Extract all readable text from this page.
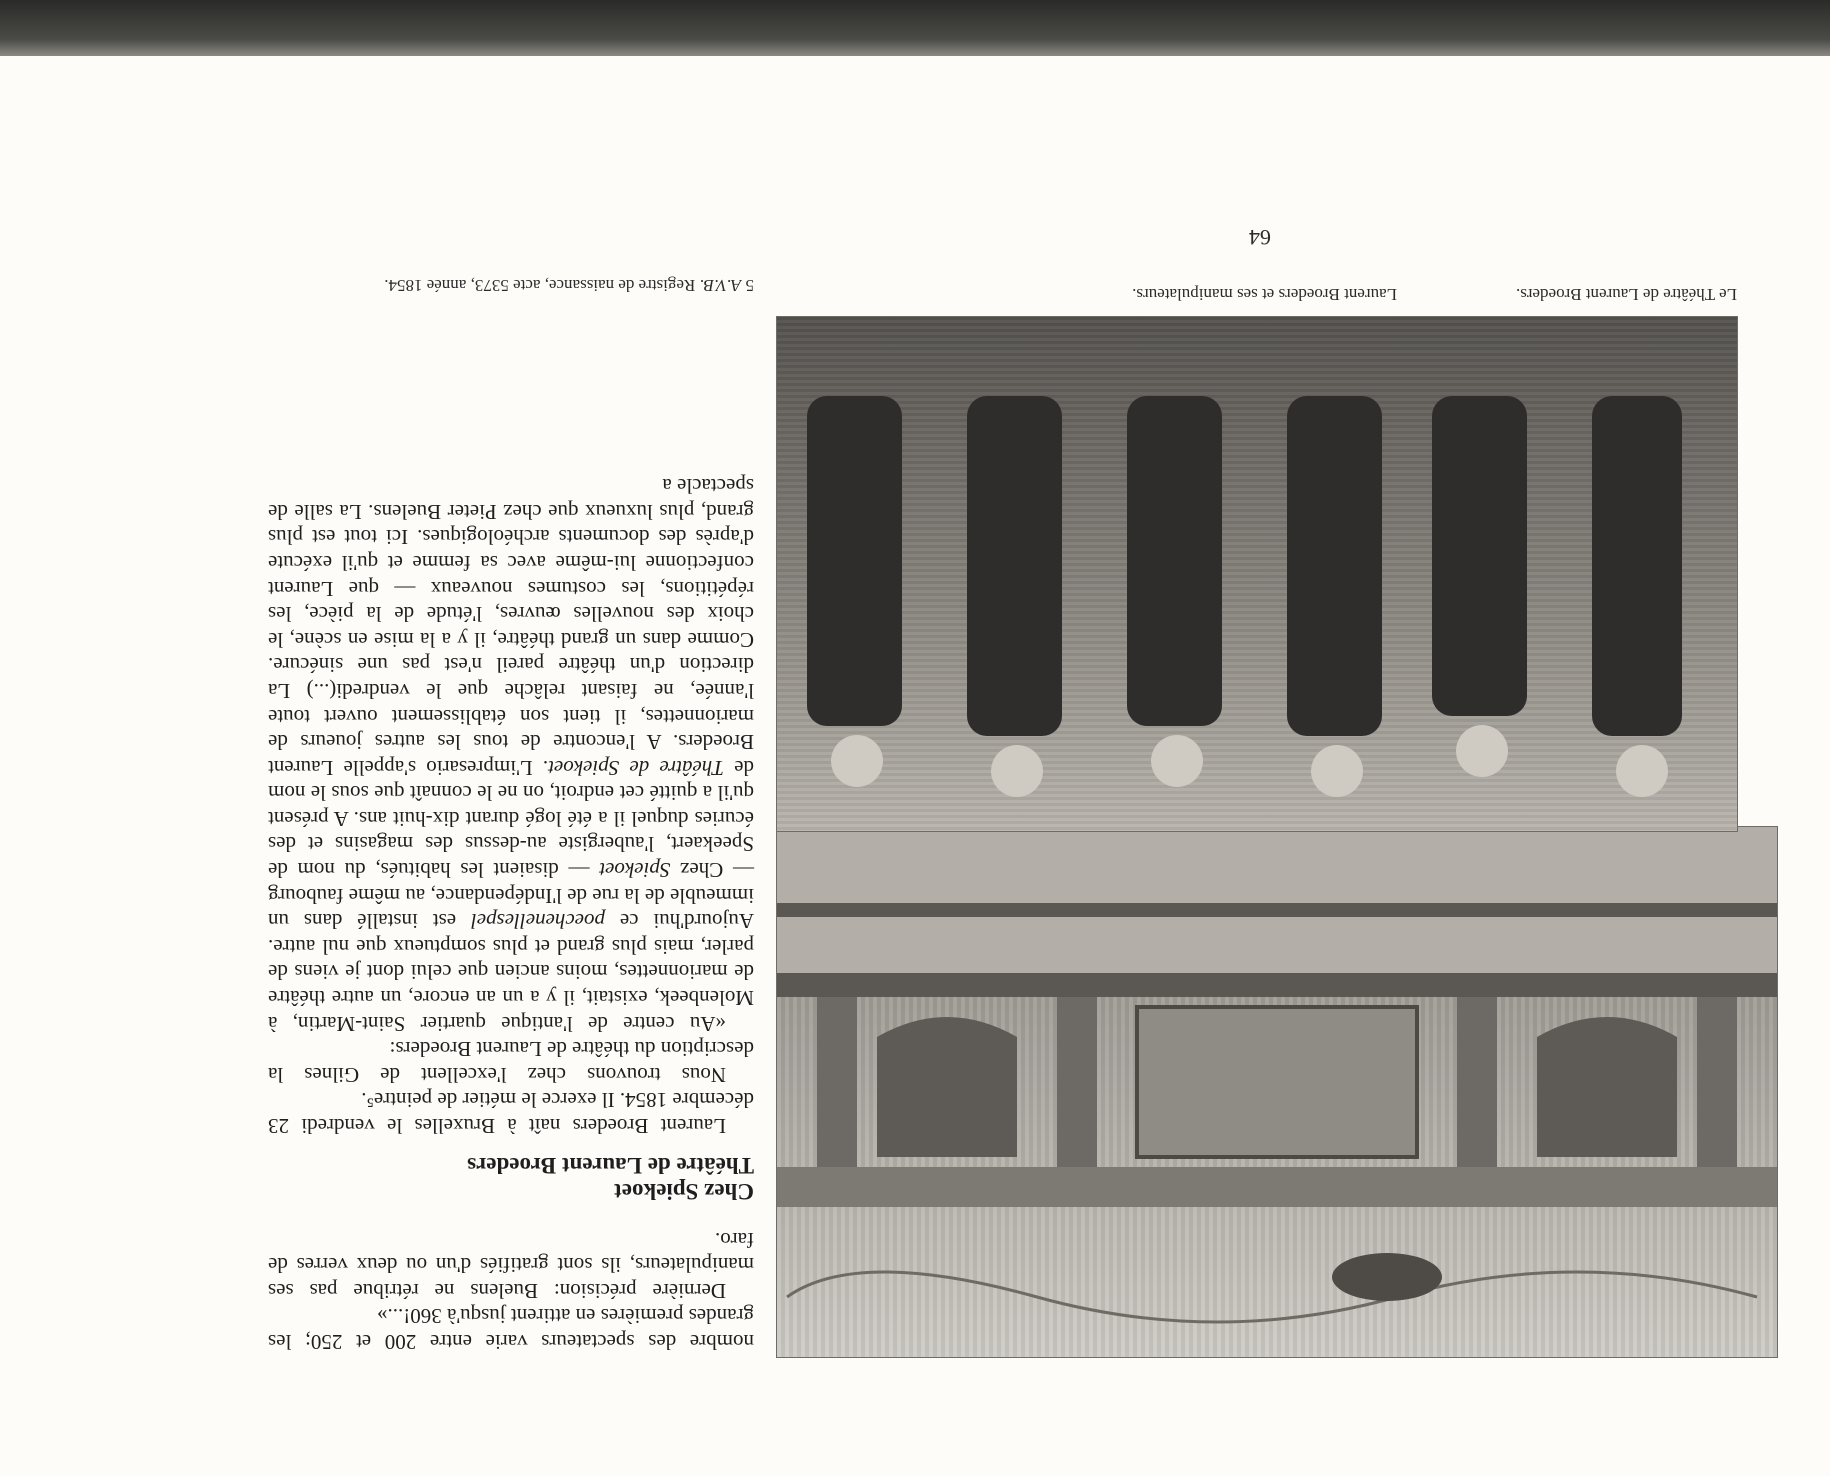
Le Théâtre de Laurent Broeders.
Laurent Broeders et ses manipulateurs.
64

nombre des spectateurs varie entre 200 et 250; les grandes premières en attirent jusqu'à 360!...»

Dernière précision: Buelens ne rétribue pas ses manipulateurs, ils sont gratifiés d'un ou deux verres de faro.

Chez Spiekoet
Théâtre de Laurent Broeders

Laurent Broeders naît à Bruxelles le vendredi 23 décembre 1854. Il exerce le métier de peintre⁵.

Nous trouvons chez l'excellent de Gilnes la description du théâtre de Laurent Broeders:

«Au centre de l'antique quartier Saint-Martin, à Molenbeek, existait, il y a un an encore, un autre théâtre de marionnettes, moins ancien que celui dont je viens de parler, mais plus grand et plus somptueux que nul autre. Aujourd'hui ce poechenellespel est installé dans un immeuble de la rue de l'Indépendance, au même faubourg — Chez Spiekoet — disaient les habitués, du nom de Speekaert, l'aubergiste au-dessus des magasins et des écuries duquel il a été logé durant dix-huit ans. A présent qu'il a quitté cet endroit, on ne le connaît que sous le nom de Théâtre de Spiekoet. L'impresario s'appelle Laurent Broeders. A l'encontre de tous les autres joueurs de marionnettes, il tient son établissement ouvert toute l'année, ne faisant relâche que le vendredi(...) La direction d'un théâtre pareil n'est pas une sinécure. Comme dans un grand théâtre, il y a la mise en scène, le choix des nouvelles œuvres, l'étude de la pièce, les répétitions, les costumes nouveaux — que Laurent confectionne lui-même avec sa femme et qu'il exécute d'après des documents archéologiques. Ici tout est plus grand, plus luxueux que chez Pieter Buelens. La salle de spectacle a

5 A.V.B. Registre de naissance, acte 5373, année 1854.
